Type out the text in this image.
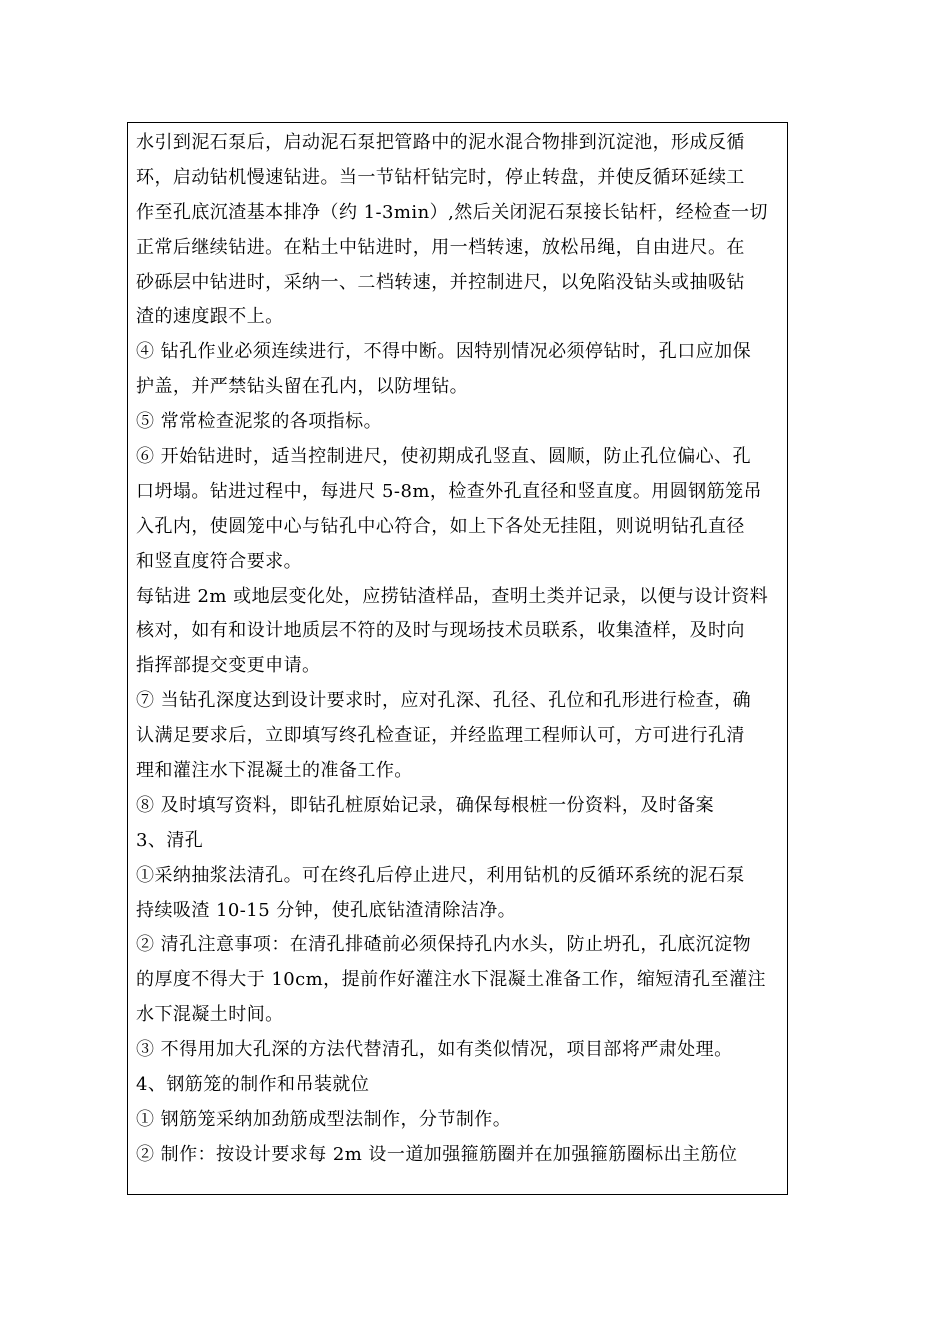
水引到泥石泵后，启动泥石泵把管路中的泥水混合物排到沉淀池，形成反循
环，启动钻机慢速钻进。当一节钻杆钻完时，停止转盘，并使反循环延续工
作至孔底沉渣基本排净（约 1-3min）,然后关闭泥石泵接长钻杆，经检查一切
正常后继续钻进。在粘土中钻进时，用一档转速，放松吊绳，自由进尺。在
砂砾层中钻进时，采纳一、二档转速，并控制进尺，以免陷没钻头或抽吸钻
渣的速度跟不上。
④ 钻孔作业必须连续进行，不得中断。因特别情况必须停钻时，孔口应加保
护盖，并严禁钻头留在孔内，以防埋钻。
⑤ 常常检查泥浆的各项指标。
⑥ 开始钻进时，适当控制进尺，使初期成孔竖直、圆顺，防止孔位偏心、孔
口坍塌。钻进过程中，每进尺 5-8m，检查外孔直径和竖直度。用圆钢筋笼吊
入孔内，使圆笼中心与钻孔中心符合，如上下各处无挂阻，则说明钻孔直径
和竖直度符合要求。
每钻进 2m 或地层变化处，应捞钻渣样品，查明土类并记录，以便与设计资料
核对，如有和设计地质层不符的及时与现场技术员联系，收集渣样，及时向
指挥部提交变更申请。
⑦ 当钻孔深度达到设计要求时，应对孔深、孔径、孔位和孔形进行检查，确
认满足要求后，立即填写终孔检查证，并经监理工程师认可，方可进行孔清
理和灌注水下混凝土的准备工作。
⑧ 及时填写资料，即钻孔桩原始记录，确保每根桩一份资料，及时备案
3、清孔
①采纳抽浆法清孔。可在终孔后停止进尺，利用钻机的反循环系统的泥石泵
持续吸渣 10-15 分钟，使孔底钻渣清除洁净。
② 清孔注意事项：在清孔排碴前必须保持孔内水头，防止坍孔，孔底沉淀物
的厚度不得大于 10cm，提前作好灌注水下混凝土准备工作，缩短清孔至灌注
水下混凝土时间。
③ 不得用加大孔深的方法代替清孔，如有类似情况，项目部将严肃处理。
4、钢筋笼的制作和吊装就位
① 钢筋笼采纳加劲筋成型法制作，分节制作。
② 制作：按设计要求每 2m 设一道加强箍筋圈并在加强箍筋圈标出主筋位
